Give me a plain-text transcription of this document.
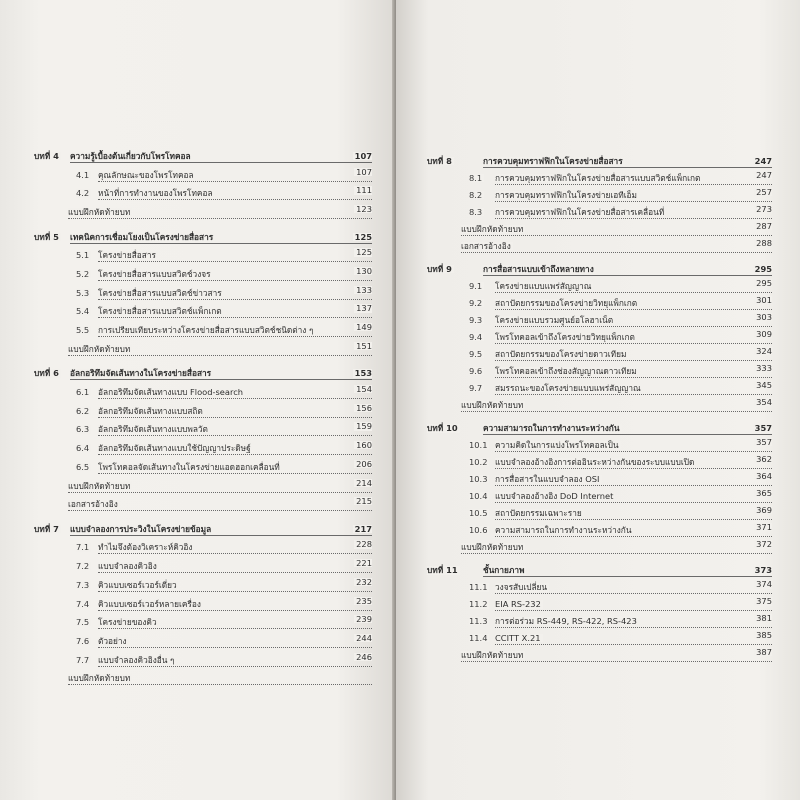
บทที่ 4 ความรู้เบื้องต้นเกี่ยวกับโพรโทคอล	107
4.1 คุณลักษณะของโพรโทคอล	107
4.2 หน้าที่การทำงานของโพรโทคอล	111
แบบฝึกหัดท้ายบท	123
บทที่ 5 เทคนิคการเชื่อมโยงเป็นโครงข่ายสื่อสาร	125
5.1 โครงข่ายสื่อสาร	125
5.2 โครงข่ายสื่อสารแบบสวิตช์วงจร	130
5.3 โครงข่ายสื่อสารแบบสวิตช์ข่าวสาร	133
5.4 โครงข่ายสื่อสารแบบสวิตช์แพ็กเกต	137
5.5 การเปรียบเทียบระหว่างโครงข่ายสื่อสารแบบสวิตช์ชนิดต่าง ๆ	149
แบบฝึกหัดท้ายบท	151
บทที่ 6 อัลกอริทึมจัดเส้นทางในโครงข่ายสื่อสาร	153
6.1 อัลกอริทึมจัดเส้นทางแบบ Flood-search	154
6.2 อัลกอริทึมจัดเส้นทางแบบสถิต	156
6.3 อัลกอริทึมจัดเส้นทางแบบพลวัต	159
6.4 อัลกอริทึมจัดเส้นทางแบบใช้ปัญญาประดิษฐ์	160
6.5 โพรโทคอลจัดเส้นทางในโครงข่ายแอดฮอกเคลื่อนที่	206
แบบฝึกหัดท้ายบท	214
เอกสารอ้างอิง	215
บทที่ 7 แบบจำลองการประวิงในโครงข่ายข้อมูล	217
7.1 ทำไมจึงต้องวิเคราะห์คิวอิง	228
7.2 แบบจำลองคิวอิง	221
7.3 คิวแบบเซอร์เวอร์เดี่ยว	232
7.4 คิวแบบเซอร์เวอร์หลายเครื่อง	235
7.5 โครงข่ายของคิว	239
7.6 ตัวอย่าง	244
7.7 แบบจำลองคิวอิงอื่น ๆ	246
แบบฝึกหัดท้ายบท
บทที่ 8	การควบคุมทราฟฟิกในโครงข่ายสื่อสาร	247
8.1 การควบคุมทราฟฟิกในโครงข่ายสื่อสารแบบสวิตช์แพ็กเกต	247
8.2 การควบคุมทราฟฟิกในโครงข่ายเอทีเอ็ม	257
8.3 การควบคุมทราฟฟิกในโครงข่ายสื่อสารเคลื่อนที่	273
แบบฝึกหัดท้ายบท	287
เอกสารอ้างอิง	288
บทที่ 9	การสื่อสารแบบเข้าถึงหลายทาง	295
9.1 โครงข่ายแบบแพร่สัญญาณ	295
9.2 สถาปัตยกรรมของโครงข่ายวิทยุแพ็กเกต	301
9.3 โครงข่ายแบบรวมศูนย์อโลฮาเน็ต	303
9.4 โพรโทคอลเข้าถึงโครงข่ายวิทยุแพ็กเกต	309
9.5 สถาปัตยกรรมของโครงข่ายดาวเทียม	324
9.6 โพรโทคอลเข้าถึงช่องสัญญาณดาวเทียม	333
9.7 สมรรถนะของโครงข่ายแบบแพร่สัญญาณ	345
แบบฝึกหัดท้ายบท	354
บทที่ 10	ความสามารถในการทำงานระหว่างกัน	357
10.1 ความคิดในการแบ่งโพรโทคอลเป็น	357
10.2 แบบจำลองอ้างอิงการต่ออินระหว่างกันของระบบแบบเปิด	362
10.3 การสื่อสารในแบบจำลอง OSI	364
10.4 แบบจำลองอ้างอิง DoD Internet	365
10.5 สถาปัตยกรรมเฉพาะราย	369
10.6 ความสามารถในการทำงานระหว่างกัน	371
แบบฝึกหัดท้ายบท	372
บทที่ 11	ชั้นกายภาพ	373
11.1 วงจรสับเปลี่ยน	374
11.2 EIA RS-232	375
11.3 การต่อร่วม RS-449, RS-422, RS-423	381
11.4 CCITT X.21	385
แบบฝึกหัดท้ายบท	387
